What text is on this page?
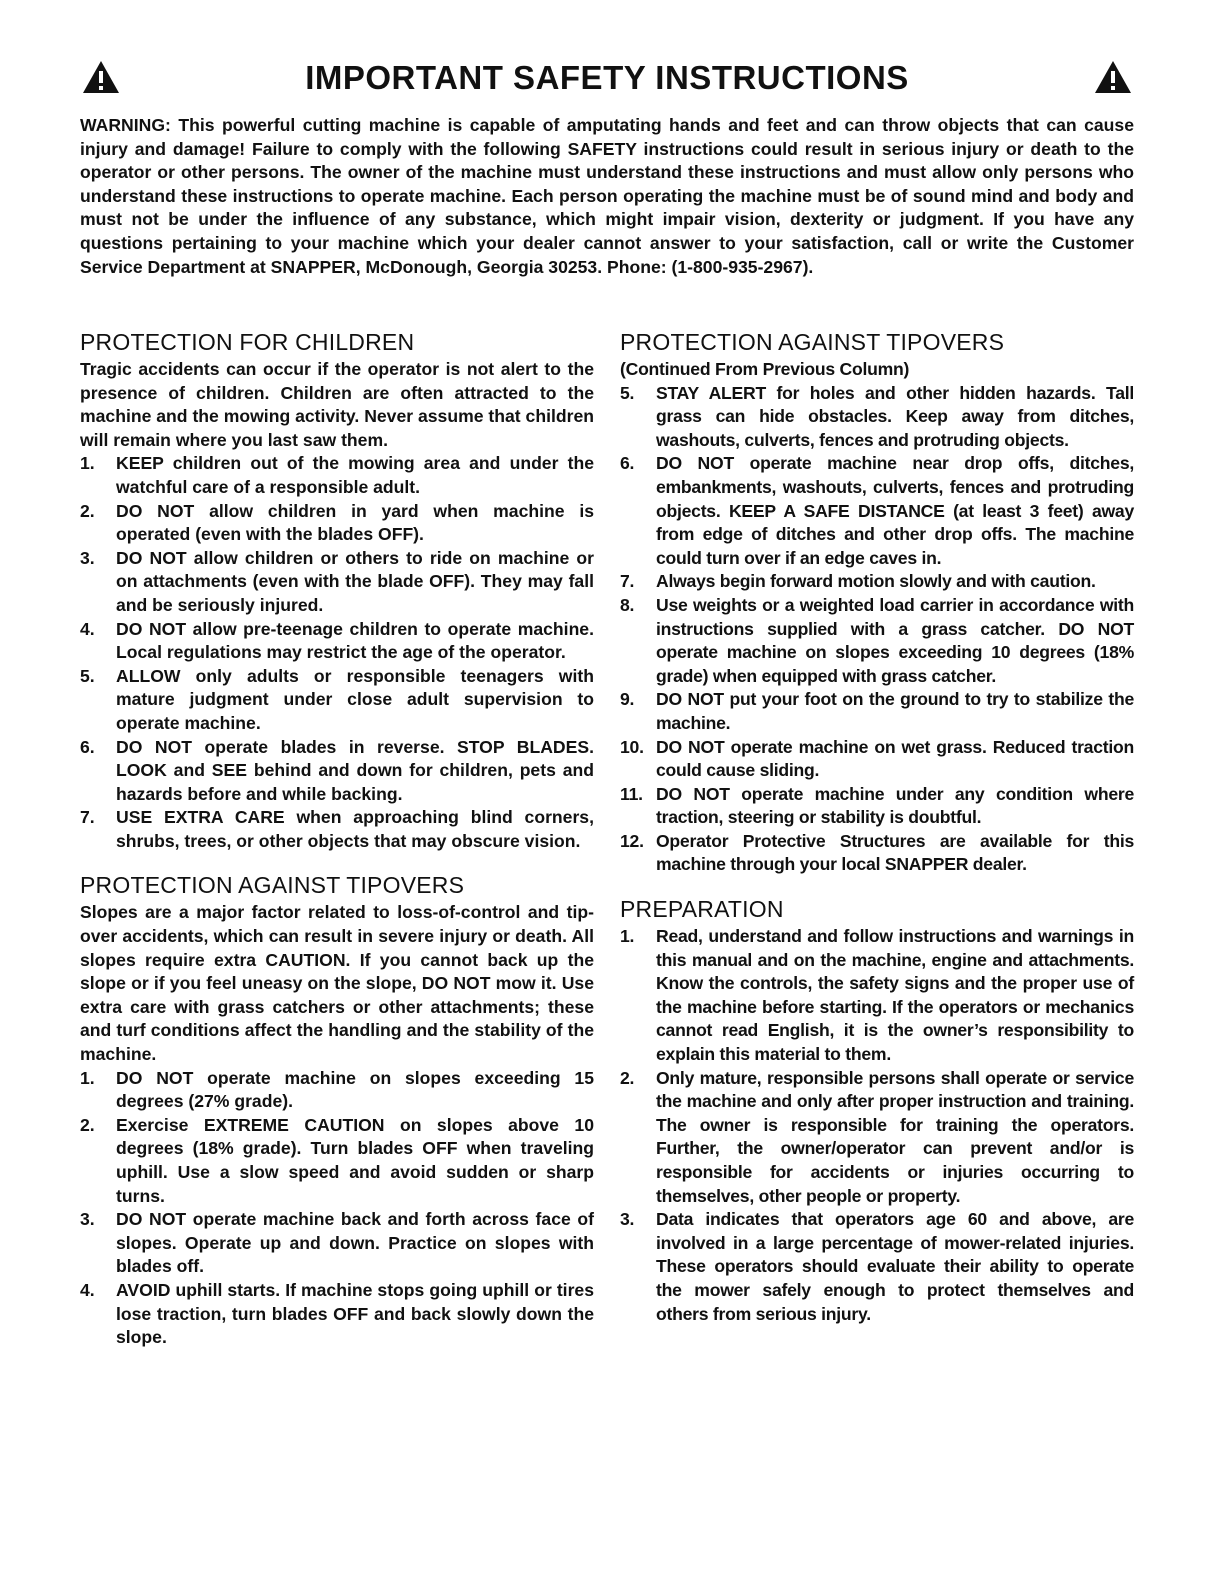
IMPORTANT SAFETY INSTRUCTIONS

WARNING: This powerful cutting machine is capable of amputating hands and feet and can throw objects that can cause injury and damage! Failure to comply with the following SAFETY instructions could result in serious injury or death to the operator or other persons. The owner of the machine must understand these instructions and must allow only persons who understand these instructions to operate machine. Each person operating the machine must be of sound mind and body and must not be under the influence of any substance, which might impair vision, dexterity or judgment. If you have any questions pertaining to your machine which your dealer cannot answer to your satisfaction, call or write the Customer Service Department at SNAPPER, McDonough, Georgia 30253. Phone: (1-800-935-2967).

PROTECTION FOR CHILDREN

Tragic accidents can occur if the operator is not alert to the presence of children. Children are often attracted to the machine and the mowing activity. Never assume that children will remain where you last saw them.

1. KEEP children out of the mowing area and under the watchful care of a responsible adult.
2. DO NOT allow children in yard when machine is operated (even with the blades OFF).
3. DO NOT allow children or others to ride on machine or on attachments (even with the blade OFF). They may fall and be seriously injured.
4. DO NOT allow pre-teenage children to operate machine. Local regulations may restrict the age of the operator.
5. ALLOW only adults or responsible teenagers with mature judgment under close adult supervision to operate machine.
6. DO NOT operate blades in reverse. STOP BLADES. LOOK and SEE behind and down for children, pets and hazards before and while backing.
7. USE EXTRA CARE when approaching blind corners, shrubs, trees, or other objects that may obscure vision.
PROTECTION AGAINST TIPOVERS

Slopes are a major factor related to loss-of-control and tip-over accidents, which can result in severe injury or death. All slopes require extra CAUTION. If you cannot back up the slope or if you feel uneasy on the slope, DO NOT mow it. Use extra care with grass catchers or other attachments; these and turf conditions affect the handling and the stability of the machine.

1. DO NOT operate machine on slopes exceeding 15 degrees (27% grade).
2. Exercise EXTREME CAUTION on slopes above 10 degrees (18% grade). Turn blades OFF when traveling uphill. Use a slow speed and avoid sudden or sharp turns.
3. DO NOT operate machine back and forth across face of slopes. Operate up and down. Practice on slopes with blades off.
4. AVOID uphill starts. If machine stops going uphill or tires lose traction, turn blades OFF and back slowly down the slope.
PROTECTION AGAINST TIPOVERS

(Continued From Previous Column)

5. STAY ALERT for holes and other hidden hazards. Tall grass can hide obstacles. Keep away from ditches, washouts, culverts, fences and protruding objects.
6. DO NOT operate machine near drop offs, ditches, embankments, washouts, culverts, fences and protruding objects. KEEP A SAFE DISTANCE (at least 3 feet) away from edge of ditches and other drop offs. The machine could turn over if an edge caves in.
7. Always begin forward motion slowly and with caution.
8. Use weights or a weighted load carrier in accordance with instructions supplied with a grass catcher. DO NOT operate machine on slopes exceeding 10 degrees (18% grade) when equipped with grass catcher.
9. DO NOT put your foot on the ground to try to stabilize the machine.
10. DO NOT operate machine on wet grass. Reduced traction could cause sliding.
11. DO NOT operate machine under any condition where traction, steering or stability is doubtful.
12. Operator Protective Structures are available for this machine through your local SNAPPER dealer.
PREPARATION
1. Read, understand and follow instructions and warnings in this manual and on the machine, engine and attachments. Know the controls, the safety signs and the proper use of the machine before starting. If the operators or mechanics cannot read English, it is the owner’s responsibility to explain this material to them.
2. Only mature, responsible persons shall operate or service the machine and only after proper instruction and training. The owner is responsible for training the operators. Further, the owner/operator can prevent and/or is responsible for accidents or injuries occurring to themselves, other people or property.
3. Data indicates that operators age 60 and above, are involved in a large percentage of mower-related injuries. These operators should evaluate their ability to operate the mower safely enough to protect themselves and others from serious injury.
